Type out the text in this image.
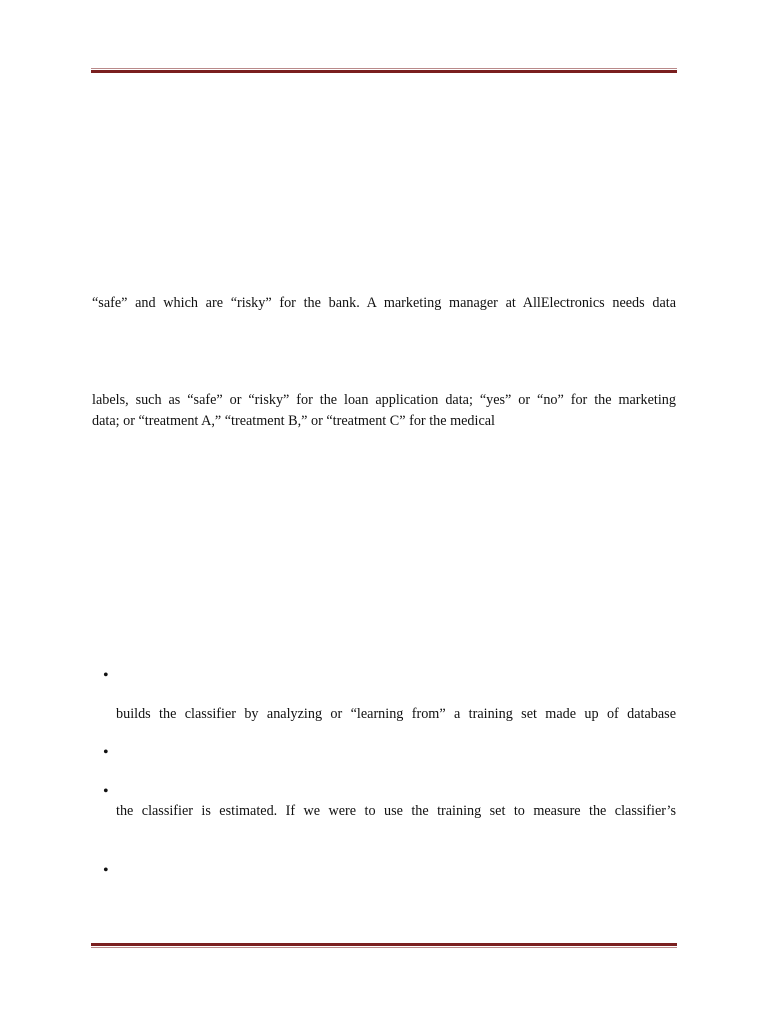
“safe” and which are “risky” for the bank. A marketing manager at AllElectronics needs data
labels, such as “safe” or “risky” for the loan application data; “yes” or “no” for the marketing
data; or “treatment A,” “treatment B,” or “treatment C” for the medical
•
builds the classifier by analyzing or “learning from” a training set made up of database
•
•
the classifier is estimated. If we were to use the training set to measure the classifier’s
•
